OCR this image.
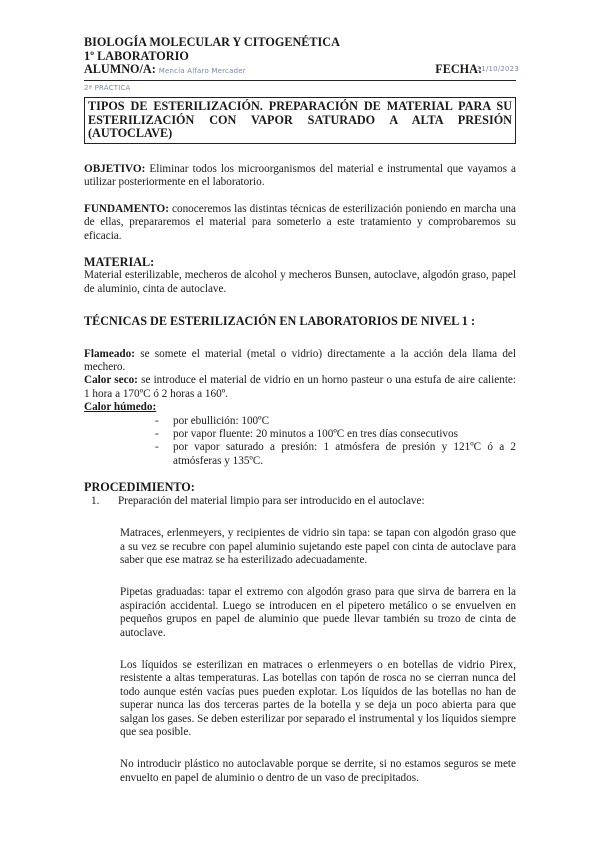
BIOLOGÍA MOLECULAR Y CITOGENÉTICA
1º LABORATORIO
ALUMNO/A: Mencía Alfaro Mercader	FECHA:
31/10/2023
2ª PRÁCTICA
TIPOS DE ESTERILIZACIÓN. PREPARACIÓN DE MATERIAL PARA SU ESTERILIZACIÓN CON VAPOR SATURADO A ALTA PRESIÓN (AUTOCLAVE)

OBJETIVO: Eliminar todos los microorganismos del material e instrumental que vayamos a utilizar posteriormente en el laboratorio.

FUNDAMENTO: conoceremos las distintas técnicas de esterilización poniendo en marcha una de ellas, prepararemos el material para someterlo a este tratamiento y comprobaremos su eficacia.

MATERIAL:

Material esterilizable, mecheros de alcohol y mecheros Bunsen, autoclave, algodón graso, papel de aluminio, cinta de autoclave.

TÉCNICAS DE ESTERILIZACIÓN EN LABORATORIOS DE NIVEL 1 :

Flameado: se somete el material (metal o vidrio) directamente a la acción dela llama del mechero.

Calor seco: se introduce el material de vidrio en un horno pasteur o una estufa de aire caliente: 1 hora a 170ºC ó 2 horas a 160º.

Calor húmedo:
- por ebullición: 100ºC
- por vapor fluente: 20 minutos a 100ºC en tres días consecutivos
- por vapor saturado a presión: 1 atmósfera de presión y 121ºC ó a 2 atmósferas y 135ºC.
PROCEDIMIENTO:
1.	Preparación del material limpio para ser introducido en el autoclave:

Matraces, erlenmeyers, y recipientes de vidrio sin tapa: se tapan con algodón graso que a su vez se recubre con papel aluminio sujetando este papel con cinta de autoclave para saber que ese matraz se ha esterilizado adecuadamente.

Pipetas graduadas: tapar el extremo con algodón graso para que sirva de barrera en la aspiración accidental. Luego se introducen en el pipetero metálico o se envuelven en pequeños grupos en papel de aluminio que puede llevar también su trozo de cinta de autoclave.

Los líquidos se esterilizan en matraces o erlenmeyers o en botellas de vidrio Pirex, resistente a altas temperaturas. Las botellas con tapón de rosca no se cierran nunca del todo aunque estén vacías pues pueden explotar. Los líquidos de las botellas no han de superar nunca las dos terceras partes de la botella y se deja un poco abierta para que salgan los gases. Se deben esterilizar por separado el instrumental y los líquidos siempre que sea posible.

No introducir plástico no autoclavable porque se derrite, si no estamos seguros se mete envuelto en papel de aluminio o dentro de un vaso de precipitados.
